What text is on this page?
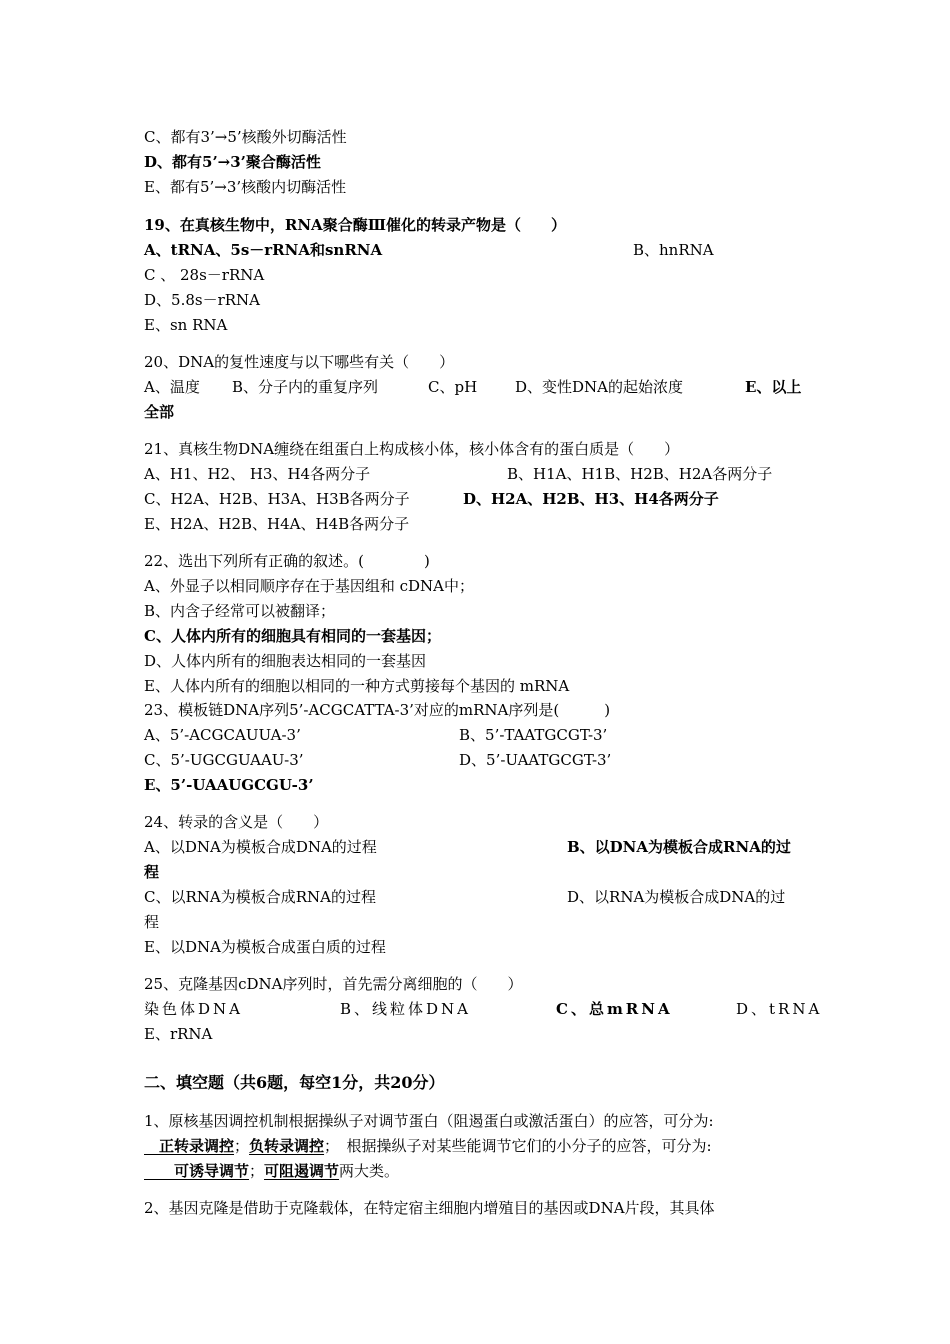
C、都有3’→5’核酸外切酶活性
D、都有5’→3’聚合酶活性
E、都有5’→3’核酸内切酶活性
19、在真核生物中，RNA聚合酶Ⅲ催化的转录产物是（　　）
A、tRNA、5s－rRNA和snRNA	B、hnRNA
C 、 28s－rRNA
D、5.8s－rRNA
E、sn RNA
20、DNA的复性速度与以下哪些有关（　　）
A、温度 B、分子内的重复序列	C、pH	D、变性DNA的起始浓度	E、以上
全部
21、真核生物DNA缠绕在组蛋白上构成核小体，核小体含有的蛋白质是（　　）
A、H1、H2、 H3、H4各两分子	B、H1A、H1B、H2B、H2A各两分子
C、H2A、H2B、H3A、H3B各两分子	D、H2A、H2B、H3、H4各两分子
E、H2A、H2B、H4A、H4B各两分子
22、选出下列所有正确的叙述。(　　　　)
A、外显子以相同顺序存在于基因组和 cDNA中；
B、内含子经常可以被翻译；
C、人体内所有的细胞具有相同的一套基因；
D、人体内所有的细胞表达相同的一套基因
E、人体内所有的细胞以相同的一种方式剪接每个基因的 mRNA
23、模板链DNA序列5’-ACGCATTA-3’对应的mRNA序列是(　　　)
A、5’-ACGCAUUA-3’	B、5’-TAATGCGT-3’
C、5’-UGCGUAAU-3’	D、5’-UAATGCGT-3’
E、5’-UAAUGCGU-3’
24、转录的含义是（　　）
A、以DNA为模板合成DNA的过程	B、以DNA为模板合成RNA的过
程
C、以RNA为模板合成RNA的过程	D、以RNA为模板合成DNA的过
程
E、以DNA为模板合成蛋白质的过程
25、克隆基因cDNA序列时，首先需分离细胞的（　　）
染色体DNA	B、线粒体DNA	C、总mRNA	D、tRNA
E、rRNA
二、填空题（共6题，每空1分，共20分）
1、原核基因调控机制根据操纵子对调节蛋白（阻遏蛋白或激活蛋白）的应答，可分为:
　正转录调控；负转录调控；　根据操纵子对某些能调节它们的小分子的应答，可分为:
　　可诱导调节；可阻遏调节两大类。
2、基因克隆是借助于克隆载体，在特定宿主细胞内增殖目的基因或DNA片段，其具体
